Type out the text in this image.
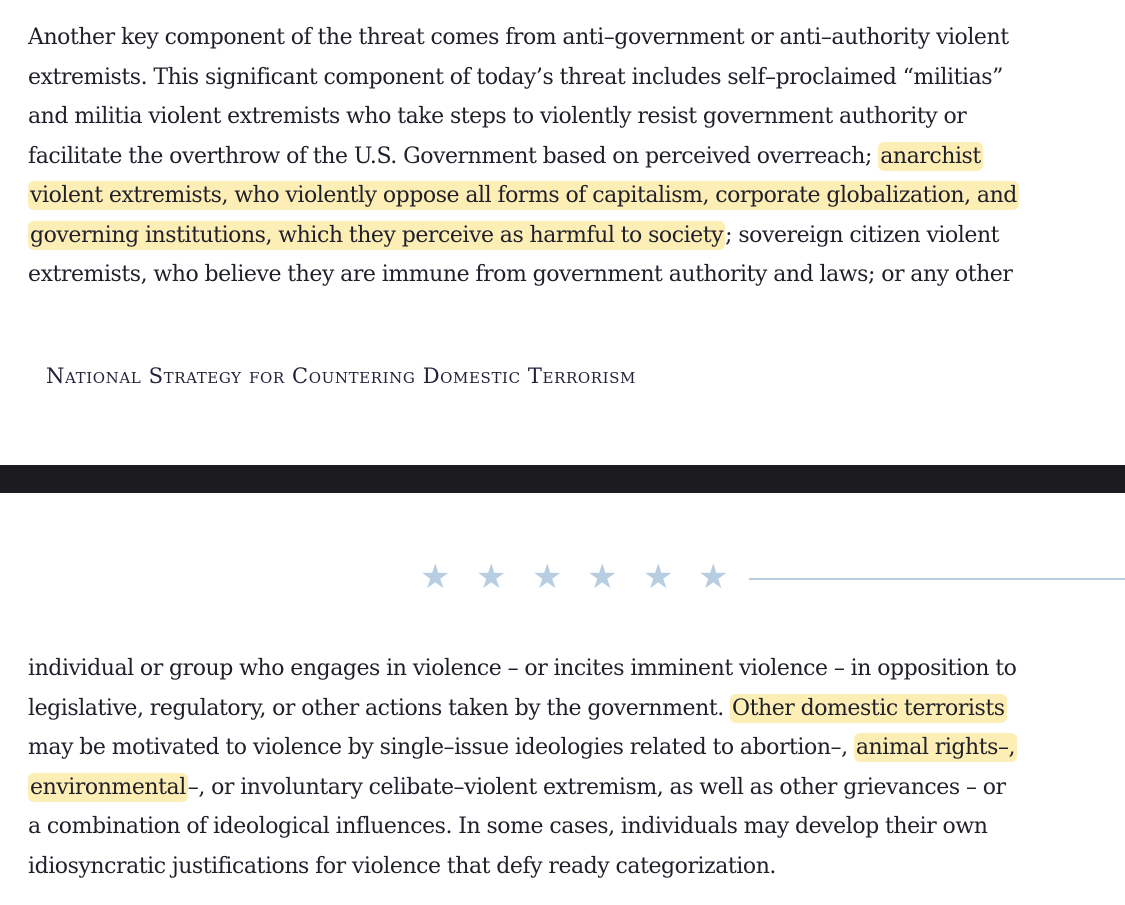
Another key component of the threat comes from anti–government or anti–authority violent
extremists. This significant component of today’s threat includes self–proclaimed “militias”
and militia violent extremists who take steps to violently resist government authority or
facilitate the overthrow of the U.S. Government based on perceived overreach; anarchist
violent extremists, who violently oppose all forms of capitalism, corporate globalization, and
governing institutions, which they perceive as harmful to society; sovereign citizen violent
extremists, who believe they are immune from government authority and laws; or any other

National Strategy for Countering Domestic Terrorism

★ ★ ★ ★ ★ ★
individual or group who engages in violence – or incites imminent violence – in opposition to
legislative, regulatory, or other actions taken by the government. Other domestic terrorists
may be motivated to violence by single–issue ideologies related to abortion–, animal rights–,
environmental–, or involuntary celibate–violent extremism, as well as other grievances – or
a combination of ideological influences. In some cases, individuals may develop their own
idiosyncratic justifications for violence that defy ready categorization.
